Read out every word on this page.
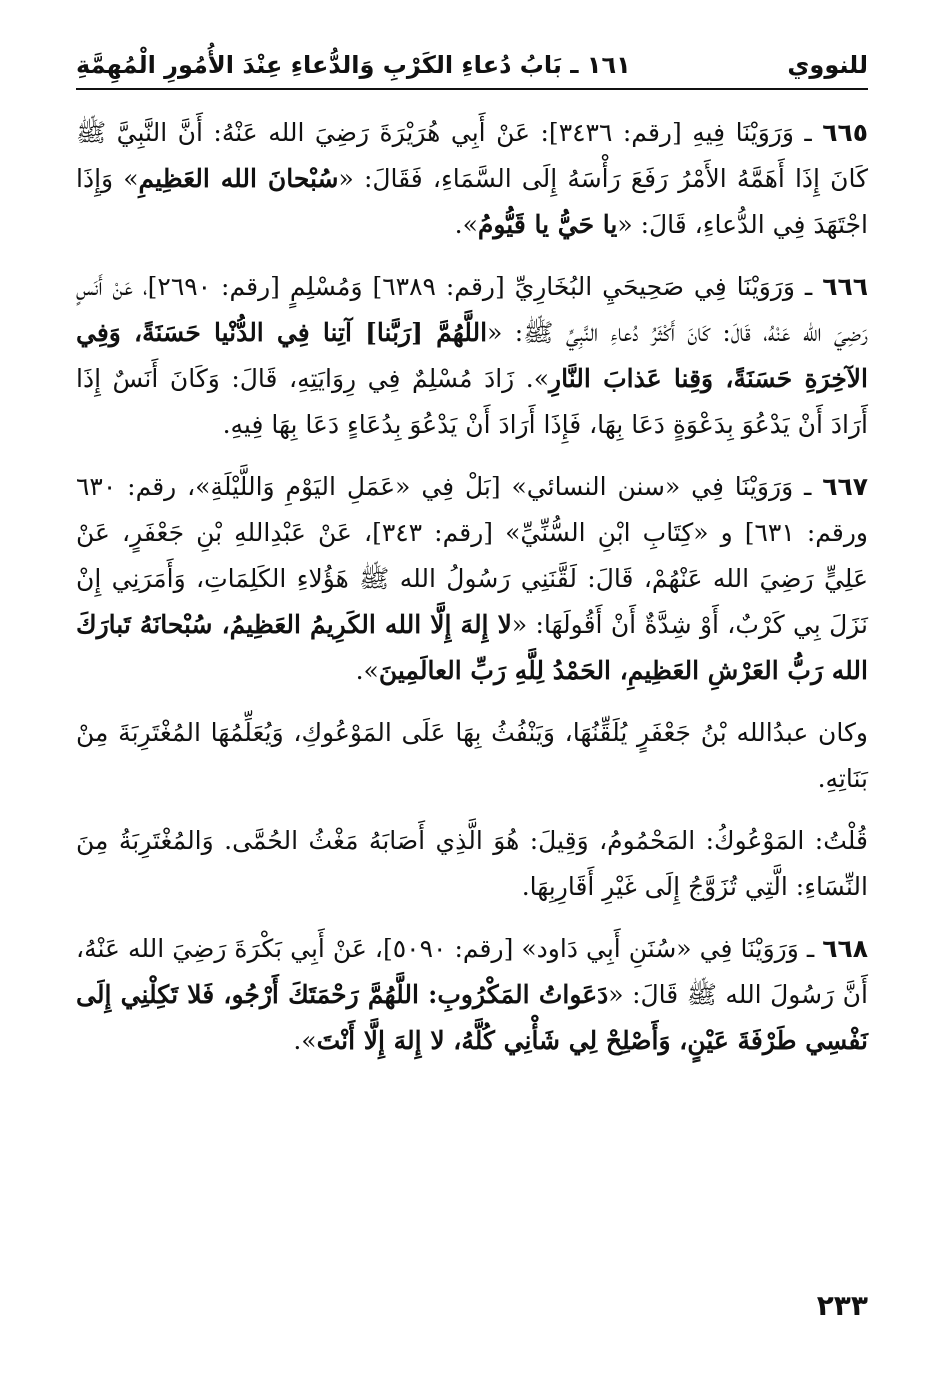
للنووي
١٦١ ـ بَابُ دُعاءِ الكَرْبِ وَالدُّعاءِ عِنْدَ الأُمُورِ الْمُهِمَّةِ

٦٦٥ ـ وَرَوَيْنَا فِيهِ [رقم: ٣٤٣٦]: عَنْ أَبِي هُرَيْرَةَ رَضِيَ الله عَنْهُ: أَنَّ النَّبِيَّ ﷺ كَانَ إِذَا أَهَمَّهُ الأَمْرُ رَفَعَ رَأْسَهُ إِلَى السَّمَاءِ، فَقَالَ: «سُبْحانَ الله العَظِيمِ» وَإِذَا اجْتَهَدَ فِي الدُّعاءِ، قَالَ: «يا حَيُّ يا قَيُّومُ».

٦٦٦ ـ وَرَوَيْنَا فِي صَحِيحَيِ البُخَارِيِّ [رقم: ٦٣٨٩] وَمُسْلِمٍ [رقم: ٢٦٩٠]، عَنْ أَنَسٍ رَضِيَ الله عَنْهُ، قَالَ: كَانَ أَكْثَرُ دُعاءِ النَّبِيِّ ﷺ: «اللَّهُمَّ [رَبَّنا] آتِنا فِي الدُّنْيا حَسَنَةً، وَفِي الآخِرَةِ حَسَنَةً، وَقِنا عَذابَ النَّارِ». زَادَ مُسْلِمٌ فِي رِوَايَتِهِ، قَالَ: وَكَانَ أَنَسٌ إِذَا أَرَادَ أَنْ يَدْعُوَ بِدَعْوَةٍ دَعَا بِهَا، فَإِذَا أَرَادَ أَنْ يَدْعُوَ بِدُعَاءٍ دَعَا بِهَا فِيهِ.

٦٦٧ ـ وَرَوَيْنَا فِي «سنن النسائي» [بَلْ فِي «عَمَلِ اليَوْمِ وَاللَّيْلَةِ»، رقم: ٦٣٠ ورقم: ٦٣١] و «كِتَابِ ابْنِ السُّنِّيِّ» [رقم: ٣٤٣]، عَنْ عَبْدِاللهِ بْنِ جَعْفَرٍ، عَنْ عَلِيٍّ رَضِيَ الله عَنْهُمْ، قَالَ: لَقَّنَنِي رَسُولُ الله ﷺ هَؤُلاءِ الكَلِمَاتِ، وَأَمَرَنِي إِنْ نَزَلَ بِي كَرْبٌ، أَوْ شِدَّةٌ أَنْ أَقُولَهَا: «لا إِلهَ إِلَّا الله الكَرِيمُ العَظِيمُ، سُبْحانَهُ تَبارَكَ الله رَبُّ العَرْشِ العَظِيمِ، الحَمْدُ لِلَّهِ رَبِّ العالَمِينَ».

وكان عبدُالله بْنُ جَعْفَرٍ يُلَقِّنُهَا، وَيَنْفُثُ بِهَا عَلَى المَوْعُوكِ، وَيُعَلِّمُهَا المُغْتَرِبَةَ مِنْ بَنَاتِهِ.

قُلْتُ: المَوْعُوكُ: المَحْمُومُ، وَقِيلَ: هُوَ الَّذِي أَصَابَهُ مَغْثُ الحُمَّى. وَالمُغْتَرِبَةُ مِنَ النِّسَاءِ: الَّتِي تُزَوَّجُ إِلَى غَيْرِ أَقَارِبِهَا.

٦٦٨ ـ وَرَوَيْنَا فِي «سُنَنِ أَبِي دَاود» [رقم: ٥٠٩٠]، عَنْ أَبِي بَكْرَةَ رَضِيَ الله عَنْهُ، أَنَّ رَسُولَ الله ﷺ قَالَ: «دَعَواتُ المَكْرُوبِ: اللَّهُمَّ رَحْمَتَكَ أَرْجُو، فَلا تَكِلْنِي إِلَى نَفْسِي طَرْفَةَ عَيْنٍ، وَأَصْلِحْ لِي شَأْنِي كُلَّهُ، لا إِلهَ إِلَّا أَنْتَ».

٢٣٣
